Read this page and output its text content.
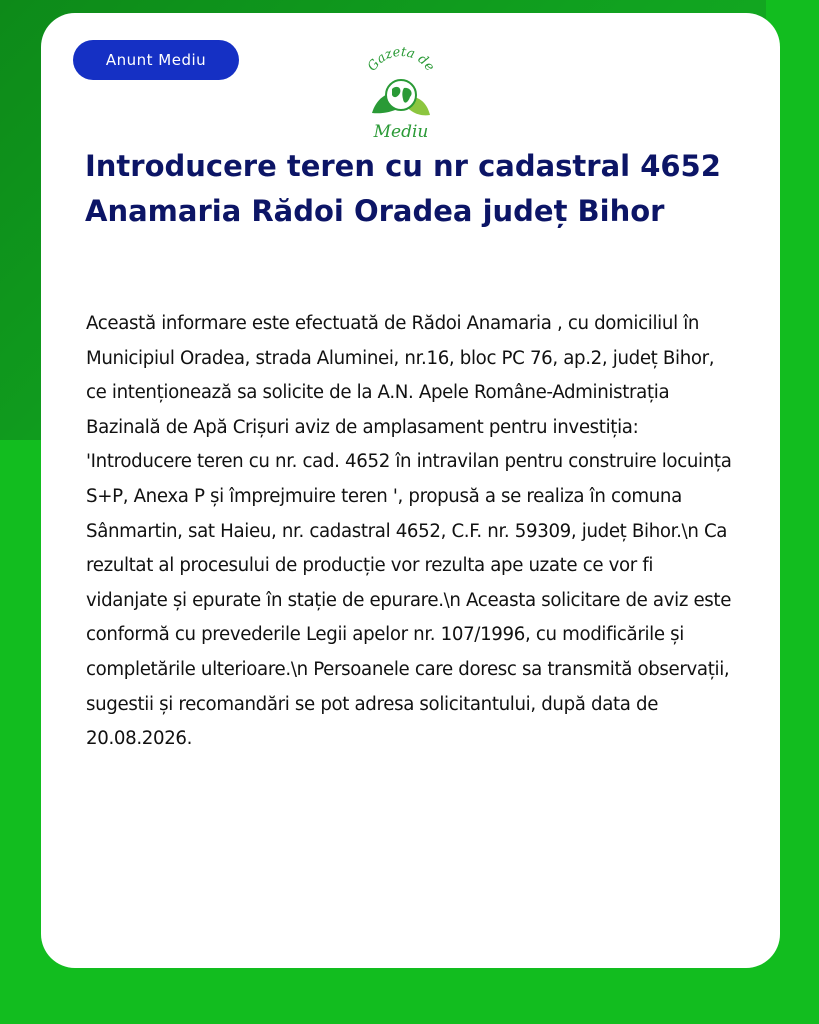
Anunt Mediu	Gazeta de
Mediu
Introducere teren cu nr cadastral 4652 Anamaria Rădoi Oradea județ Bihor

Această informare este efectuată de Rădoi Anamaria , cu domiciliul în Municipiul Oradea, strada Aluminei, nr.16, bloc PC 76, ap.2, județ Bihor, ce intenționează sa solicite de la A.N. Apele Române-Administrația Bazinală de Apă Crișuri aviz de amplasament pentru investiția: 'Introducere teren cu nr. cad. 4652 în intravilan pentru construire locuința S+P, Anexa P și împrejmuire teren ', propusă a se realiza în comuna Sânmartin, sat Haieu, nr. cadastral 4652, C.F. nr. 59309, județ Bihor.\n Ca rezultat al procesului de producție vor rezulta ape uzate ce vor fi vidanjate și epurate în stație de epurare.\n Aceasta solicitare de aviz este conformă cu prevederile Legii apelor nr. 107/1996, cu modificările și completările ulterioare.\n Persoanele care doresc sa transmită observații, sugestii și recomandări se pot adresa solicitantului, după data de 20.08.2026.
